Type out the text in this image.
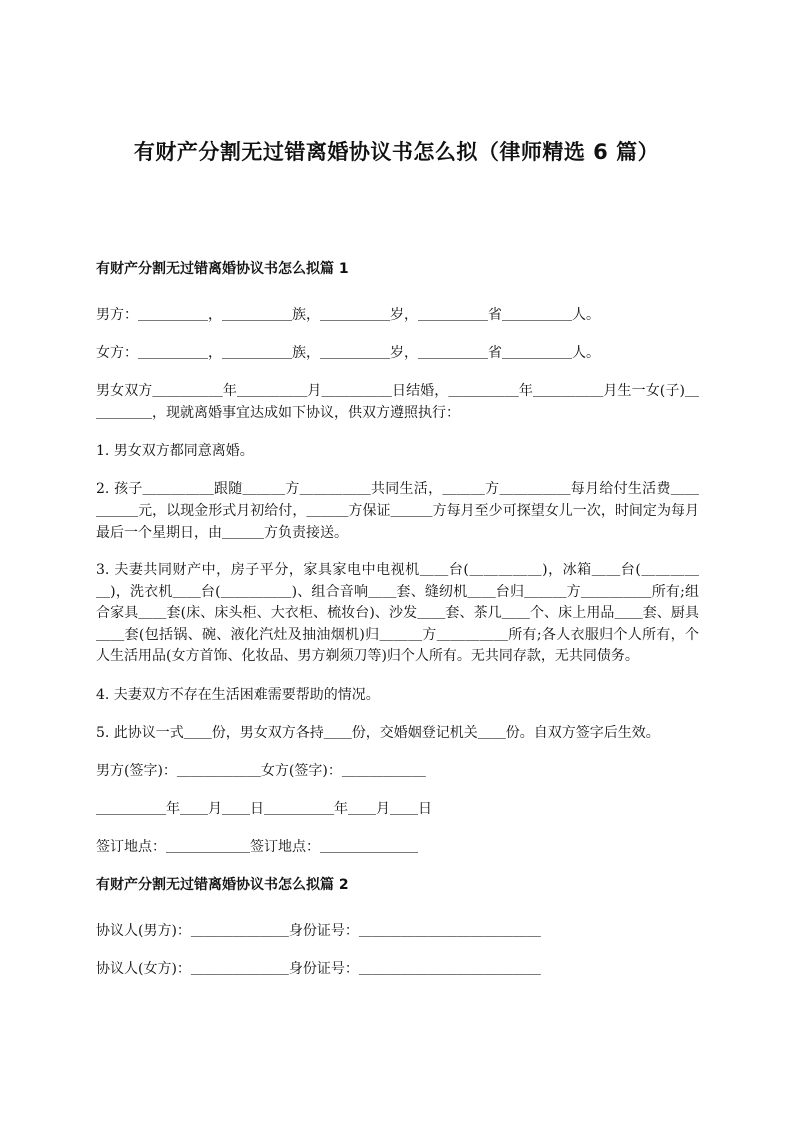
有财产分割无过错离婚协议书怎么拟（律师精选 6 篇）
有财产分割无过错离婚协议书怎么拟篇 1

男方：＿＿＿＿＿，＿＿＿＿＿族，＿＿＿＿＿岁，＿＿＿＿＿省＿＿＿＿＿人。

女方：＿＿＿＿＿，＿＿＿＿＿族，＿＿＿＿＿岁，＿＿＿＿＿省＿＿＿＿＿人。

男女双方＿＿＿＿＿年＿＿＿＿＿月＿＿＿＿＿日结婚，＿＿＿＿＿年＿＿＿＿＿月生一女(子)＿＿＿＿＿，现就离婚事宜达成如下协议，供双方遵照执行：

1. 男女双方都同意离婚。

2. 孩子＿＿＿＿＿跟随＿＿＿方＿＿＿＿＿共同生活，＿＿＿方＿＿＿＿＿每月给付生活费＿＿＿＿＿元，以现金形式月初给付，＿＿＿方保证＿＿＿方每月至少可探望女儿一次，时间定为每月最后一个星期日，由＿＿＿方负责接送。

3. 夫妻共同财产中，房子平分，家具家电中电视机＿＿台(＿＿＿＿＿)，冰箱＿＿台(＿＿＿＿＿)，洗衣机＿＿台(＿＿＿＿＿)、组合音响＿＿套、缝纫机＿＿台归＿＿＿方＿＿＿＿＿所有;组合家具＿＿套(床、床头柜、大衣柜、梳妆台)、沙发＿＿套、茶几＿＿个、床上用品＿＿套、厨具＿＿套(包括锅、碗、液化汽灶及抽油烟机)归＿＿＿方＿＿＿＿＿所有;各人衣服归个人所有，个人生活用品(女方首饰、化妆品、男方剃须刀等)归个人所有。无共同存款，无共同债务。

4. 夫妻双方不存在生活困难需要帮助的情况。

5. 此协议一式＿＿份，男女双方各持＿＿份，交婚姻登记机关＿＿份。自双方签字后生效。

男方(签字)：＿＿＿＿＿＿女方(签字)：＿＿＿＿＿＿

＿＿＿＿＿年＿＿月＿＿日＿＿＿＿＿年＿＿月＿＿日

签订地点：＿＿＿＿＿＿签订地点：＿＿＿＿＿＿＿

有财产分割无过错离婚协议书怎么拟篇 2

协议人(男方)：＿＿＿＿＿＿＿身份证号：＿＿＿＿＿＿＿＿＿＿＿＿＿

协议人(女方)：＿＿＿＿＿＿＿身份证号：＿＿＿＿＿＿＿＿＿＿＿＿＿
